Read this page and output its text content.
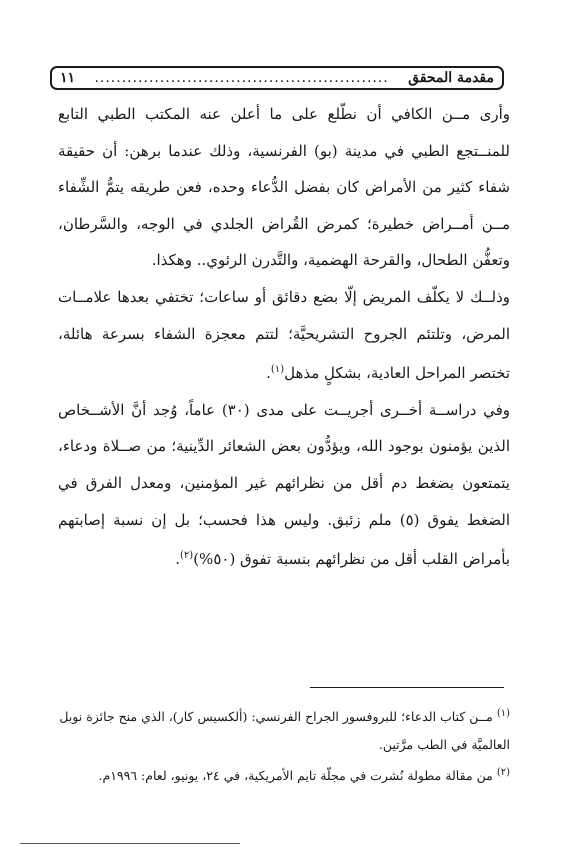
مقدمة المحقق
......................................................
١١

وأرى مــن الكافي أن نطّلع على ما أعلن عنه المكتب الطبي التابع للمنــتجع الطبي في مدينة (بو) الفرنسية، وذلك عندما برهن: أن حقيقة شفاء كثير من الأمراض كان بفضل الدُّعاء وحده، فعن طريقه يتمُّ الشِّفاء مــن أمــراض خطيرة؛ كمرض القُراض الجلدي في الوجه، والسَّرطان، وتعفُّن الطحال، والقرحة الهضمية، والتَّدرن الرئوي.. وهكذا.

وذلــك لا يكلّف المريض إلّا بضع دقائق أو ساعات؛ تختفي بعدها علامــات المرض، وتلتئم الجروح التشريحيَّة؛ لتتم معجزة الشفاء بسرعة هائلة، تختصر المراحل العادية، بشكلٍ مذهل$^{(١)}$.

وفي دراســة أخــرى أجريــت على مدى (٣٠) عاماً، وُجد أنَّ الأشــخاص الذين يؤمنون بوجود الله، ويؤدُّون بعض الشعائر الدِّينية؛ من صــلاة ودعاء، يتمتعون بضغط دم أقل من نظرائهم غير المؤمنين، ومعدل الفرق في الضغط يفوق (٥) ملم زئبق. وليس هذا فحسب؛ بل إن نسبة إصابتهم بأمراض القلب أقل من نظرائهم بنسبة تفوق (٥٠%)$^{(٢)}$.

$^{(١)}$ مــن كتاب الدعاء؛ للبروفسور الجراح الفرنسي: (ألكسيس كار)، الذي منح جائزة نوبل العالميَّة في الطب مرَّتين.

$^{(٢)}$ من مقالة مطولة نُشرت في مجلّة تايم الأمريكية، في ٢٤، يونيو، لعام: ١٩٩٦م.
